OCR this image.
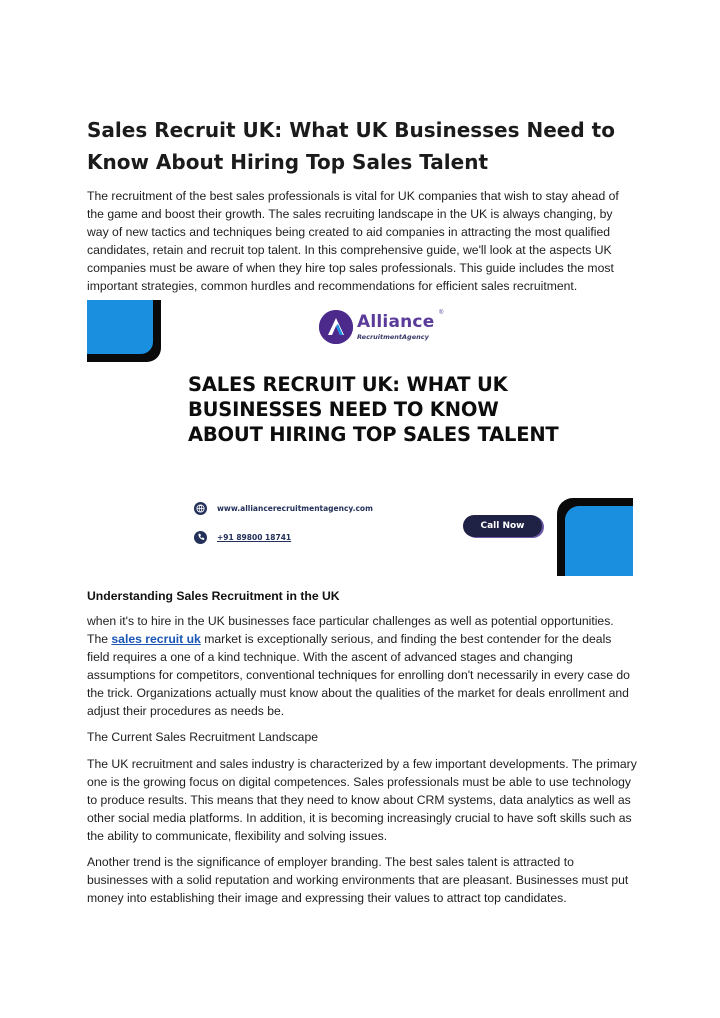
Sales Recruit UK: What UK Businesses Need to Know About Hiring Top Sales Talent

The recruitment of the best sales professionals is vital for UK companies that wish to stay ahead of the game and boost their growth. The sales recruiting landscape in the UK is always changing, by way of new tactics and techniques being created to aid companies in attracting the most qualified candidates, retain and recruit top talent. In this comprehensive guide, we'll look at the aspects UK companies must be aware of when they hire top sales professionals. This guide includes the most important strategies, common hurdles and recommendations for efficient sales recruitment.

Alliance
RecruitmentAgency
®
SALES RECRUIT UK: WHAT UK
BUSINESSES NEED TO KNOW
ABOUT HIRING TOP SALES TALENT
www.alliancerecruitmentagency.com
+91 89800 18741
Call Now

Understanding Sales Recruitment in the UK

when it's to hire in the UK businesses face particular challenges as well as potential opportunities. The sales recruit uk market is exceptionally serious, and finding the best contender for the deals field requires a one of a kind technique. With the ascent of advanced stages and changing assumptions for competitors, conventional techniques for enrolling don't necessarily in every case do the trick. Organizations actually must know about the qualities of the market for deals enrollment and adjust their procedures as needs be.

The Current Sales Recruitment Landscape

The UK recruitment and sales industry is characterized by a few important developments. The primary one is the growing focus on digital competences. Sales professionals must be able to use technology to produce results. This means that they need to know about CRM systems, data analytics as well as other social media platforms. In addition, it is becoming increasingly crucial to have soft skills such as the ability to communicate, flexibility and solving issues.

Another trend is the significance of employer branding. The best sales talent is attracted to businesses with a solid reputation and working environments that are pleasant. Businesses must put money into establishing their image and expressing their values to attract top candidates.
